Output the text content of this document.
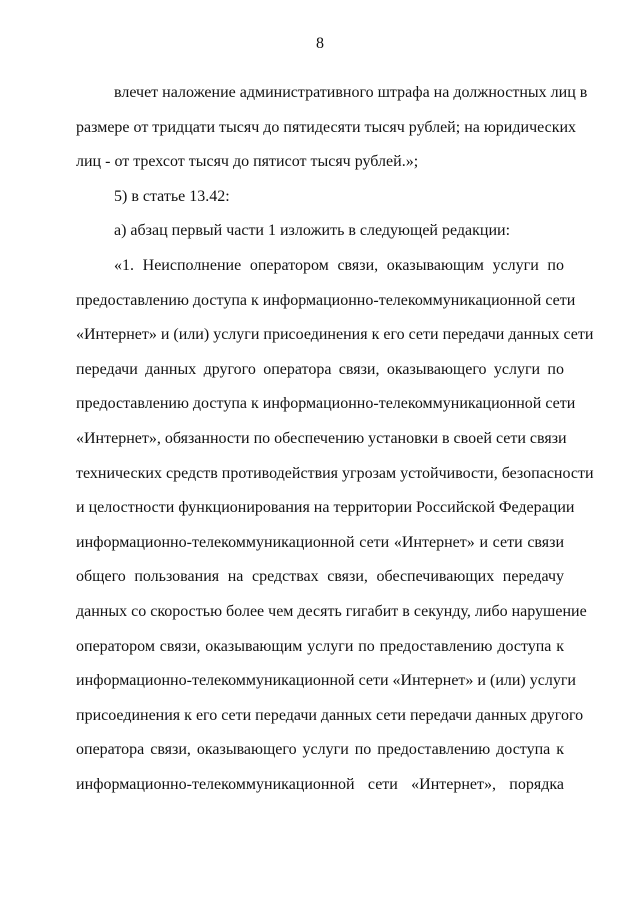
8
влечет наложение административного штрафа на должностных лиц в
размере от тридцати тысяч до пятидесяти тысяч рублей; на юридических
лиц - от трехсот тысяч до пятисот тысяч рублей.»;
5) в статье 13.42:
а) абзац первый части 1 изложить в следующей редакции:
«1. Неисполнение оператором связи, оказывающим услуги по
предоставлению доступа к информационно-телекоммуникационной сети
«Интернет» и (или) услуги присоединения к его сети передачи данных сети
передачи данных другого оператора связи, оказывающего услуги по
предоставлению доступа к информационно-телекоммуникационной сети
«Интернет», обязанности по обеспечению установки в своей сети связи
технических средств противодействия угрозам устойчивости, безопасности
и целостности функционирования на территории Российской Федерации
информационно-телекоммуникационной сети «Интернет» и сети связи
общего пользования на средствах связи, обеспечивающих передачу
данных со скоростью более чем десять гигабит в секунду, либо нарушение
оператором связи, оказывающим услуги по предоставлению доступа к
информационно-телекоммуникационной сети «Интернет» и (или) услуги
присоединения к его сети передачи данных сети передачи данных другого
оператора связи, оказывающего услуги по предоставлению доступа к
информационно-телекоммуникационной сети «Интернет», порядка
